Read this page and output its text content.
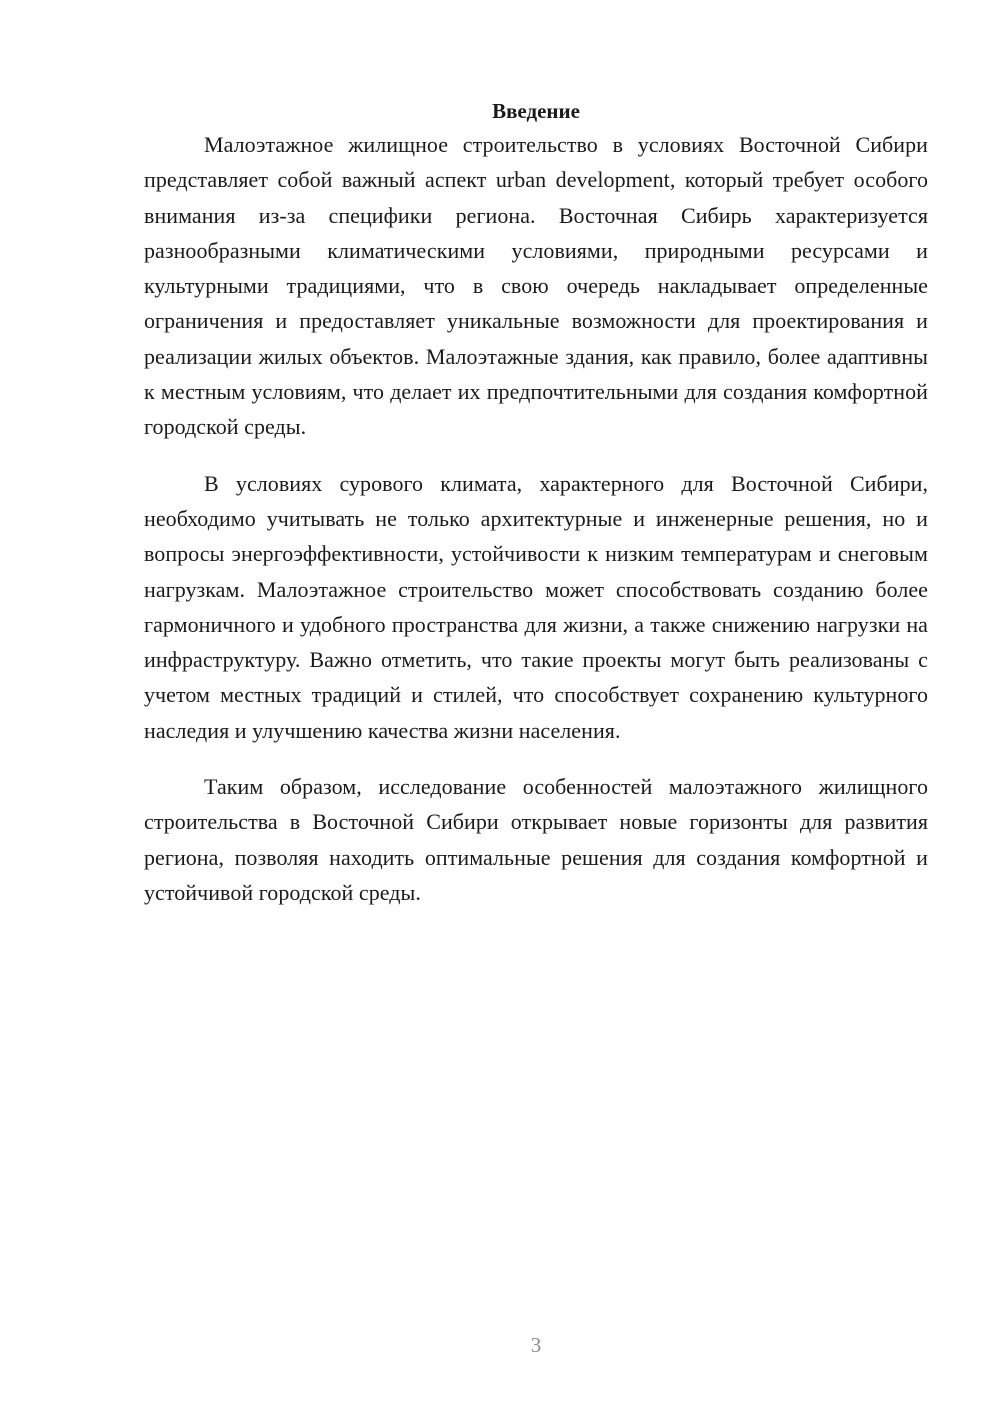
Введение

Малоэтажное жилищное строительство в условиях Восточной Сибири представляет собой важный аспект urban development, который требует особого внимания из-за специфики региона. Восточная Сибирь характеризуется разнообразными климатическими условиями, природными ресурсами и культурными традициями, что в свою очередь накладывает определенные ограничения и предоставляет уникальные возможности для проектирования и реализации жилых объектов. Малоэтажные здания, как правило, более адаптивны к местным условиям, что делает их предпочтительными для создания комфортной городской среды.

В условиях сурового климата, характерного для Восточной Сибири, необходимо учитывать не только архитектурные и инженерные решения, но и вопросы энергоэффективности, устойчивости к низким температурам и снеговым нагрузкам. Малоэтажное строительство может способствовать созданию более гармоничного и удобного пространства для жизни, а также снижению нагрузки на инфраструктуру. Важно отметить, что такие проекты могут быть реализованы с учетом местных традиций и стилей, что способствует сохранению культурного наследия и улучшению качества жизни населения.

Таким образом, исследование особенностей малоэтажного жилищного строительства в Восточной Сибири открывает новые горизонты для развития региона, позволяя находить оптимальные решения для создания комфортной и устойчивой городской среды.

3
